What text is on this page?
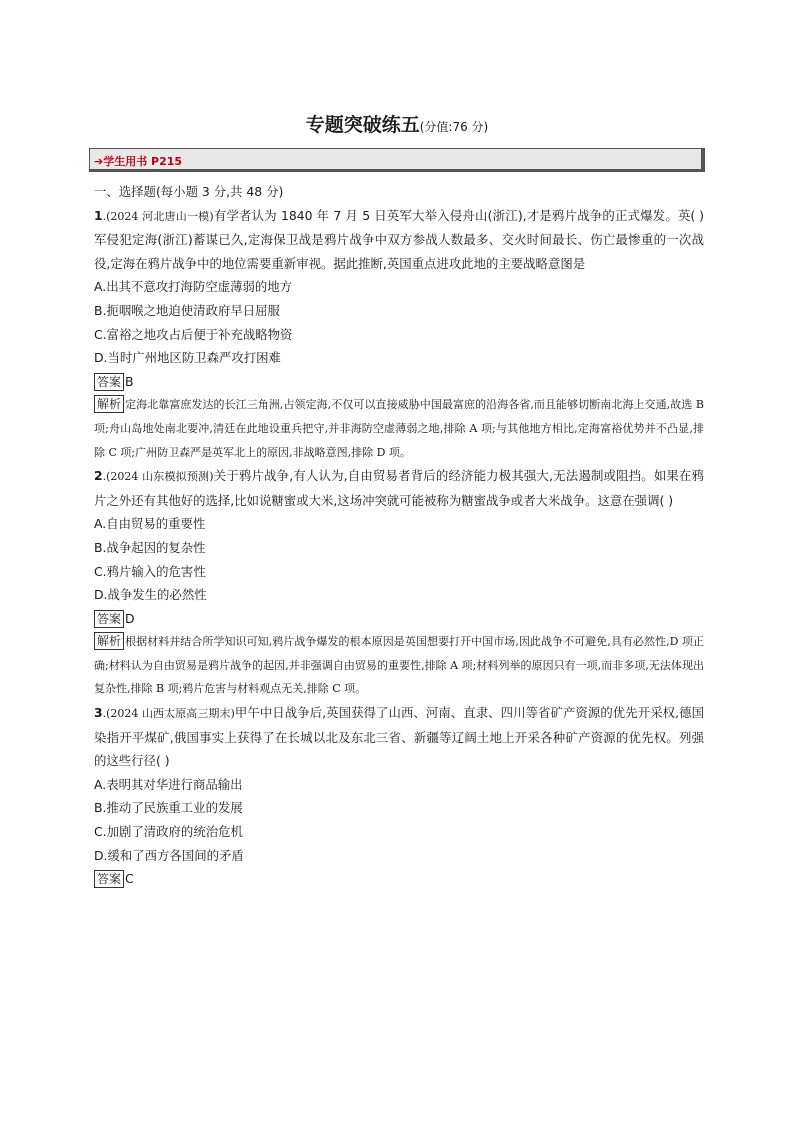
专题突破练五(分值:76 分)
➔学生用书 P215

一、选择题(每小题 3 分,共 48 分)

( )
1.(2024 河北唐山一模)有学者认为 1840 年 7 月 5 日英军大举入侵舟山(浙江),才是鸦片战争的正式爆发。英军侵犯定海(浙江)蓄谋已久,定海保卫战是鸦片战争中双方参战人数最多、交火时间最长、伤亡最惨重的一次战役,定海在鸦片战争中的地位需要重新审视。据此推断,英国重点进攻此地的主要战略意图是

A.出其不意攻打海防空虚薄弱的地方

B.扼咽喉之地迫使清政府早日屈服

C.富裕之地攻占后便于补充战略物资

D.当时广州地区防卫森严攻打困难

答案 B

解析 定海北靠富庶发达的长江三角洲,占领定海,不仅可以直接威胁中国最富庶的沿海各省,而且能够切断南北海上交通,故选 B 项;舟山岛地处南北要冲,清廷在此地设重兵把守,并非海防空虚薄弱之地,排除 A 项;与其他地方相比,定海富裕优势并不凸显,排除 C 项;广州防卫森严是英军北上的原因,非战略意图,排除 D 项。

2.(2024 山东模拟预测)关于鸦片战争,有人认为,自由贸易者背后的经济能力极其强大,无法遏制或阻挡。如果在鸦片之外还有其他好的选择,比如说糖蜜或大米,这场冲突就可能被称为糖蜜战争或者大米战争。这意在强调( )

A.自由贸易的重要性

B.战争起因的复杂性

C.鸦片输入的危害性

D.战争发生的必然性

答案 D

解析 根据材料并结合所学知识可知,鸦片战争爆发的根本原因是英国想要打开中国市场,因此战争不可避免,具有必然性,D 项正确;材料认为自由贸易是鸦片战争的起因,并非强调自由贸易的重要性,排除 A 项;材料列举的原因只有一项,而非多项,无法体现出复杂性,排除 B 项;鸦片危害与材料观点无关,排除 C 项。

3.(2024 山西太原高三期末)甲午中日战争后,英国获得了山西、河南、直隶、四川等省矿产资源的优先开采权,德国染指开平煤矿,俄国事实上获得了在长城以北及东北三省、新疆等辽阔土地上开采各种矿产资源的优先权。列强的这些行径( )

A.表明其对华进行商品输出

B.推动了民族重工业的发展

C.加剧了清政府的统治危机

D.缓和了西方各国间的矛盾

答案 C
